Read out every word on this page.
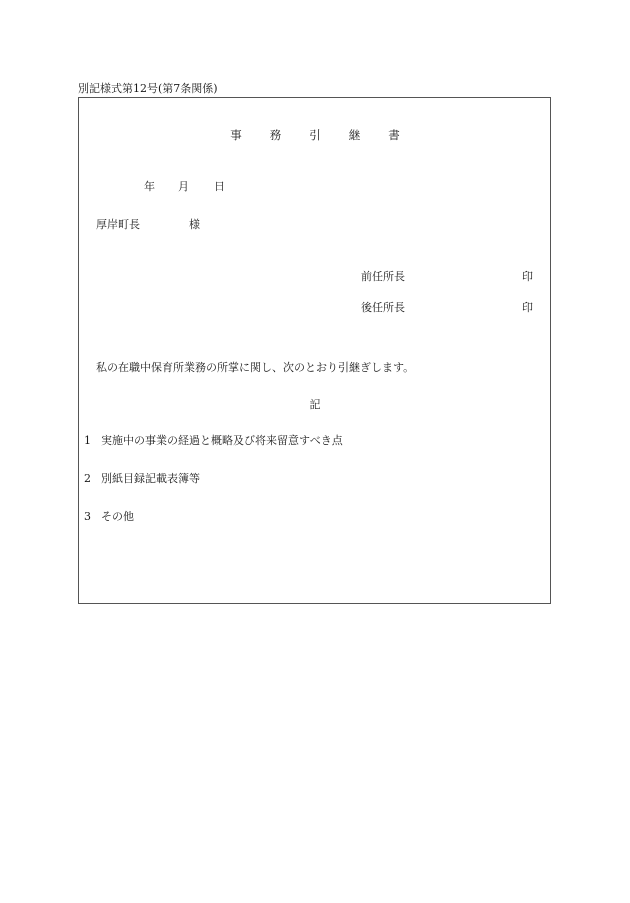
別記様式第12号(第7条関係)
事 務 引 継 書
年 月 日
厚岸町長	様
前任所長	印
後任所長	印
私の在職中保育所業務の所掌に関し、次のとおり引継ぎします。
記
1 実施中の事業の経過と概略及び将来留意すべき点
2 別紙目録記載表簿等
3 その他
